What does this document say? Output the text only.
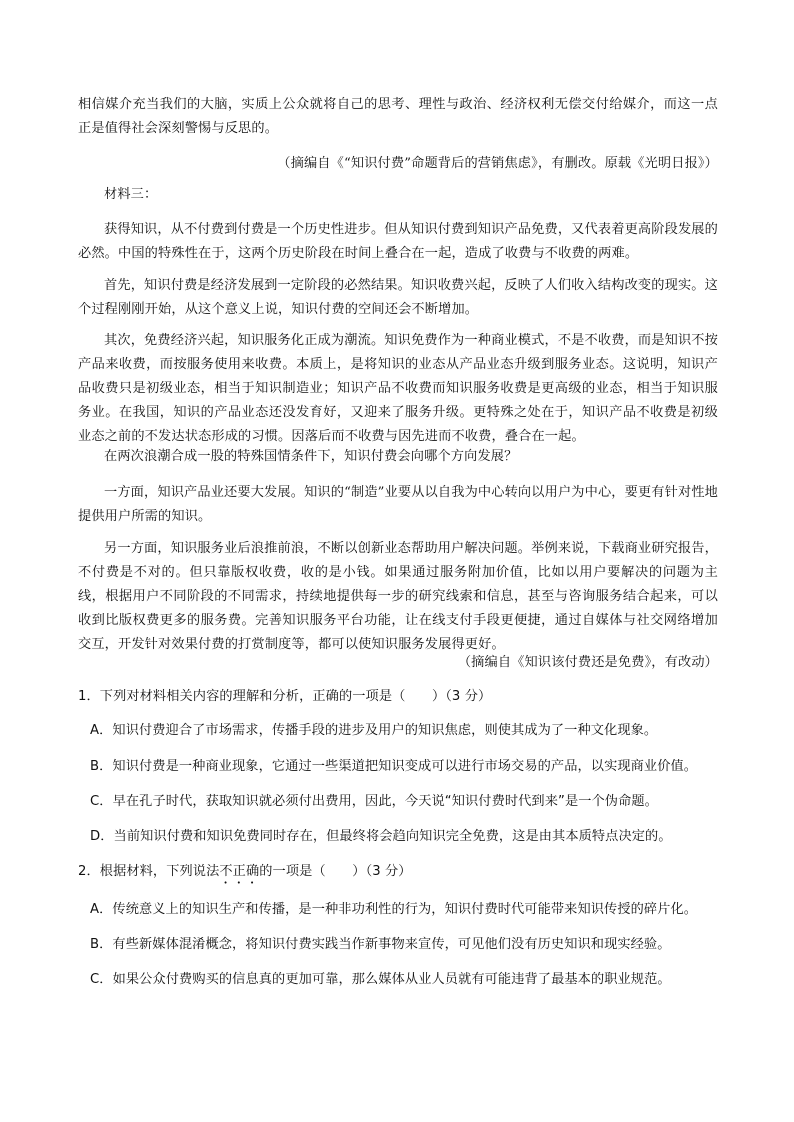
相信媒介充当我们的大脑，实质上公众就将自己的思考、理性与政治、经济权利无偿交付给媒介，而这一点正是值得社会深刻警惕与反思的。
（摘编自《“知识付费”命题背后的营销焦虑》，有删改。原载《光明日报》）
材料三：
获得知识，从不付费到付费是一个历史性进步。但从知识付费到知识产品免费，又代表着更高阶段发展的必然。中国的特殊性在于，这两个历史阶段在时间上叠合在一起，造成了收费与不收费的两难。
首先，知识付费是经济发展到一定阶段的必然结果。知识收费兴起，反映了人们收入结构改变的现实。这个过程刚刚开始，从这个意义上说，知识付费的空间还会不断增加。
其次，免费经济兴起，知识服务化正成为潮流。知识免费作为一种商业模式，不是不收费，而是知识不按产品来收费，而按服务使用来收费。本质上，是将知识的业态从产品业态升级到服务业态。这说明，知识产品收费只是初级业态，相当于知识制造业；知识产品不收费而知识服务收费是更高级的业态，相当于知识服务业。在我国，知识的产品业态还没发育好，又迎来了服务升级。更特殊之处在于，知识产品不收费是初级业态之前的不发达状态形成的习惯。因落后而不收费与因先进而不收费，叠合在一起。
在两次浪潮合成一股的特殊国情条件下，知识付费会向哪个方向发展？
一方面，知识产品业还要大发展。知识的“制造”业要从以自我为中心转向以用户为中心，要更有针对性地提供用户所需的知识。
另一方面，知识服务业后浪推前浪，不断以创新业态帮助用户解决问题。举例来说，下载商业研究报告，不付费是不对的。但只靠版权收费，收的是小钱。如果通过服务附加价值，比如以用户要解决的问题为主线，根据用户不同阶段的不同需求，持续地提供每一步的研究线索和信息，甚至与咨询服务结合起来，可以收到比版权费更多的服务费。完善知识服务平台功能，让在线支付手段更便捷，通过自媒体与社交网络增加交互，开发针对效果付费的打赏制度等，都可以使知识服务发展得更好。
（摘编自《知识该付费还是免费》，有改动）
1．下列对材料相关内容的理解和分析，正确的一项是（　　）（3 分）
A．知识付费迎合了市场需求，传播手段的进步及用户的知识焦虑，则使其成为了一种文化现象。
B．知识付费是一种商业现象，它通过一些渠道把知识变成可以进行市场交易的产品，以实现商业价值。
C．早在孔子时代，获取知识就必须付出费用，因此，今天说“知识付费时代到来”是一个伪命题。
D．当前知识付费和知识免费同时存在，但最终将会趋向知识完全免费，这是由其本质特点决定的。
2．根据材料，下列说法不正确的一项是（　　）（3 分）
A．传统意义上的知识生产和传播，是一种非功利性的行为，知识付费时代可能带来知识传授的碎片化。
B．有些新媒体混淆概念，将知识付费实践当作新事物来宣传，可见他们没有历史知识和现实经验。
C．如果公众付费购买的信息真的更加可靠，那么媒体从业人员就有可能违背了最基本的职业规范。
